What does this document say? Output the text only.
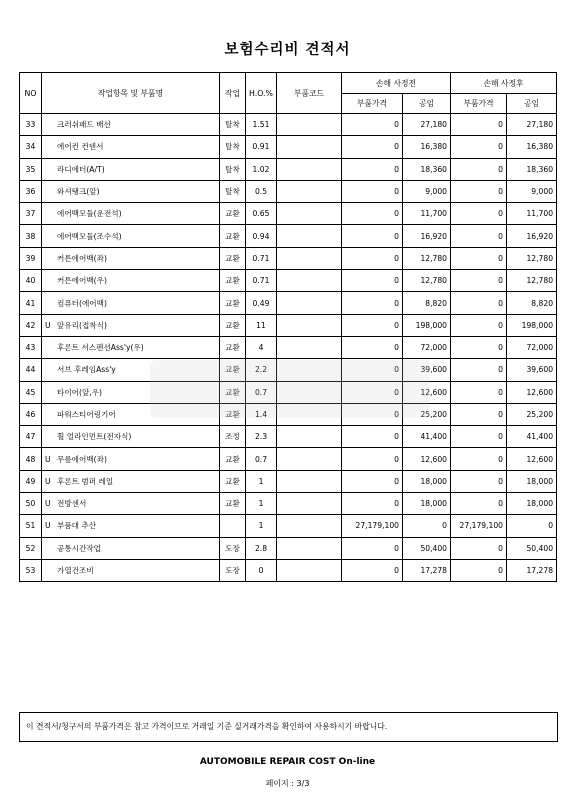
보험수리비 견적서
NO	작업항목 및 부품명	작업	H.O.%	부품코드	손해 사정전		손해 사정후	
					부품가격	공임	부품가격	공임
33	크러쉬패드 배선	탈착	1.51		0	27,180	0	27,180
34	에어컨 컨덴서	탈착	0.91		0	16,380	0	16,380
35	라디에터(A/T)	탈착	1.02		0	18,360	0	18,360
36	와셔탱크(앞)	탈착	0.5		0	9,000	0	9,000
37	에어백모듈(운전석)	교환	0.65		0	11,700	0	11,700
38	에어백모듈(조수석)	교환	0.94		0	16,920	0	16,920
39	커튼에어백(좌)	교환	0.71		0	12,780	0	12,780
40	커튼에어백(우)	교환	0.71		0	12,780	0	12,780
41	컴퓨터(에어백)	교환	0.49		0	8,820	0	8,820
42	U 앞유리(접착식)	교환	11		0	198,000	0	198,000
43	후론트 서스펜션Ass'y(우)	교환	4		0	72,000	0	72,000
44	서브 후레임Ass'y	교환	2.2		0	39,600	0	39,600
45	타이어(앞,우)	교환	0.7		0	12,600	0	12,600
46	파워스티어링기어	교환	1.4		0	25,200	0	25,200
47	휠 얼라인먼트(전자식)	조정	2.3		0	41,400	0	41,400
48	U 무릎에어백(좌)	교환	0.7		0	12,600	0	12,600
49	U 후론트 범퍼 레일	교환	1		0	18,000	0	18,000
50	U 전방센서	교환	1		0	18,000	0	18,000
51	U 부품대 추산		1		27,179,100	0	27,179,100	0
52	공통시간작업	도장	2.8		0	50,400	0	50,400
53	가열건조비	도장	0		0	17,278	0	17,278
이 견적서/청구서의 부품가격은 참고 가격이므로 거래일 기준 실거래가격을 확인하여 사용하시기 바랍니다.
AUTOMOBILE REPAIR COST On-line
페이지 : 3/3
